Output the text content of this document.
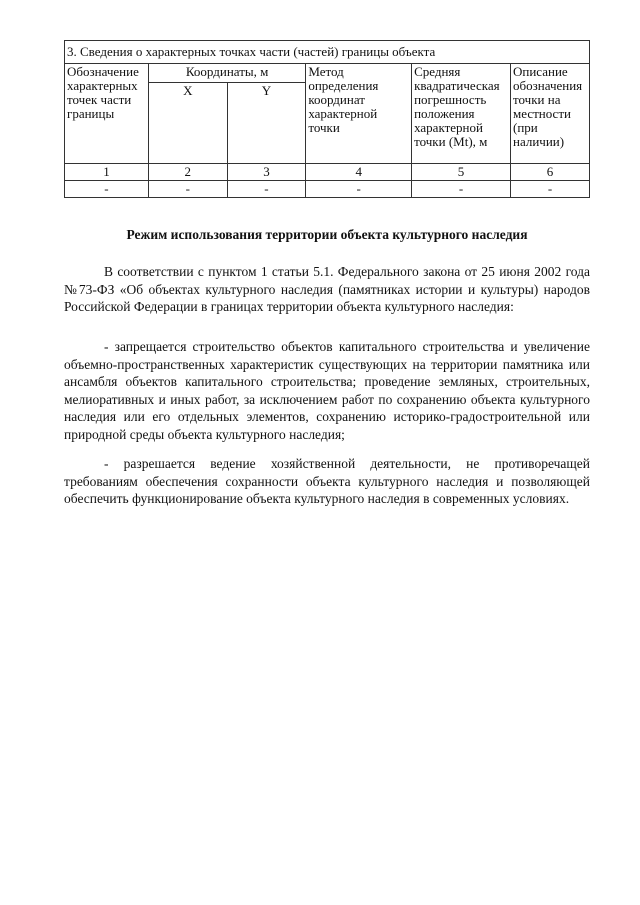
3. Сведения о характерных точках части (частей) границы объекта					
Обозначение характерных точек части границы	Координаты, м		Метод определения координат характерной точки	Средняя квадратическая погрешность положения характерной точки (Mt), м	Описание обозначения точки на местности (при наличии)
	X	Y			
1	2	3	4	5	6
-	-	-	-	-	-
Режим использования территории объекта культурного наследия

В соответствии с пунктом 1 статьи 5.1. Федерального закона от 25 июня 2002 года №73-ФЗ «Об объектах культурного наследия (памятниках истории и культуры) народов Российской Федерации в границах территории объекта культурного наследия:

- запрещается строительство объектов капитального строительства и увеличение объемно-пространственных характеристик существующих на территории памятника или ансамбля объектов капитального строительства; проведение земляных, строительных, мелиоративных и иных работ, за исключением работ по сохранению объекта культурного наследия или его отдельных элементов, сохранению историко-градостроительной или природной среды объекта культурного наследия;

- разрешается ведение хозяйственной деятельности, не противоречащей требованиям обеспечения сохранности объекта культурного наследия и позволяющей обеспечить функционирование объекта культурного наследия в современных условиях.
